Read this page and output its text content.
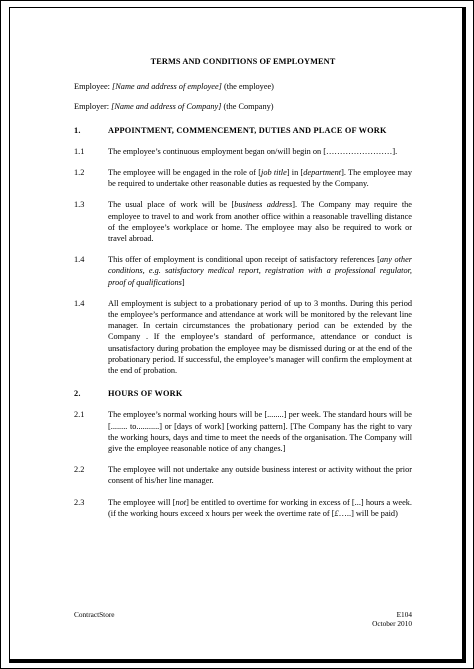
TERMS AND CONDITIONS OF EMPLOYMENT
Employee: [Name and address of employee] (the employee)
Employer: [Name and address of Company] (the Company)
1.	APPOINTMENT, COMMENCEMENT, DUTIES AND PLACE OF WORK
1.1	The employee’s continuous employment began on/will begin on [……………………].
1.2	The employee will be engaged in the role of [job title] in [department]. The employee may be required to undertake other reasonable duties as requested by the Company.
1.3	The usual place of work will be [business address]. The Company may require the employee to travel to and work from another office within a reasonable travelling distance of the employee’s workplace or home. The employee may also be required to work or travel abroad.
1.4	This offer of employment is conditional upon receipt of satisfactory references [any other conditions, e.g. satisfactory medical report, registration with a professional regulator, proof of qualifications]
1.4	All employment is subject to a probationary period of up to 3 months. During this period the employee’s performance and attendance at work will be monitored by the relevant line manager. In certain circumstances the probationary period can be extended by the Company . If the employee’s standard of performance, attendance or conduct is unsatisfactory during probation the employee may be dismissed during or at the end of the probationary period. If successful, the employee’s manager will confirm the employment at the end of probation.
2.	HOURS OF WORK
2.1	The employee’s normal working hours will be [........] per week. The standard hours will be [........ to...........] or [days of work] [working pattern]. [The Company has the right to vary the working hours, days and time to meet the needs of the organisation. The Company will give the employee reasonable notice of any changes.]
2.2	The employee will not undertake any outside business interest or activity without the prior consent of his/her line manager.
2.3	The employee will [not] be entitled to overtime for working in excess of [...] hours a week. (if the working hours exceed x hours per week the overtime rate of [£…..] will be paid)
ContractStore	E104
October 2010
